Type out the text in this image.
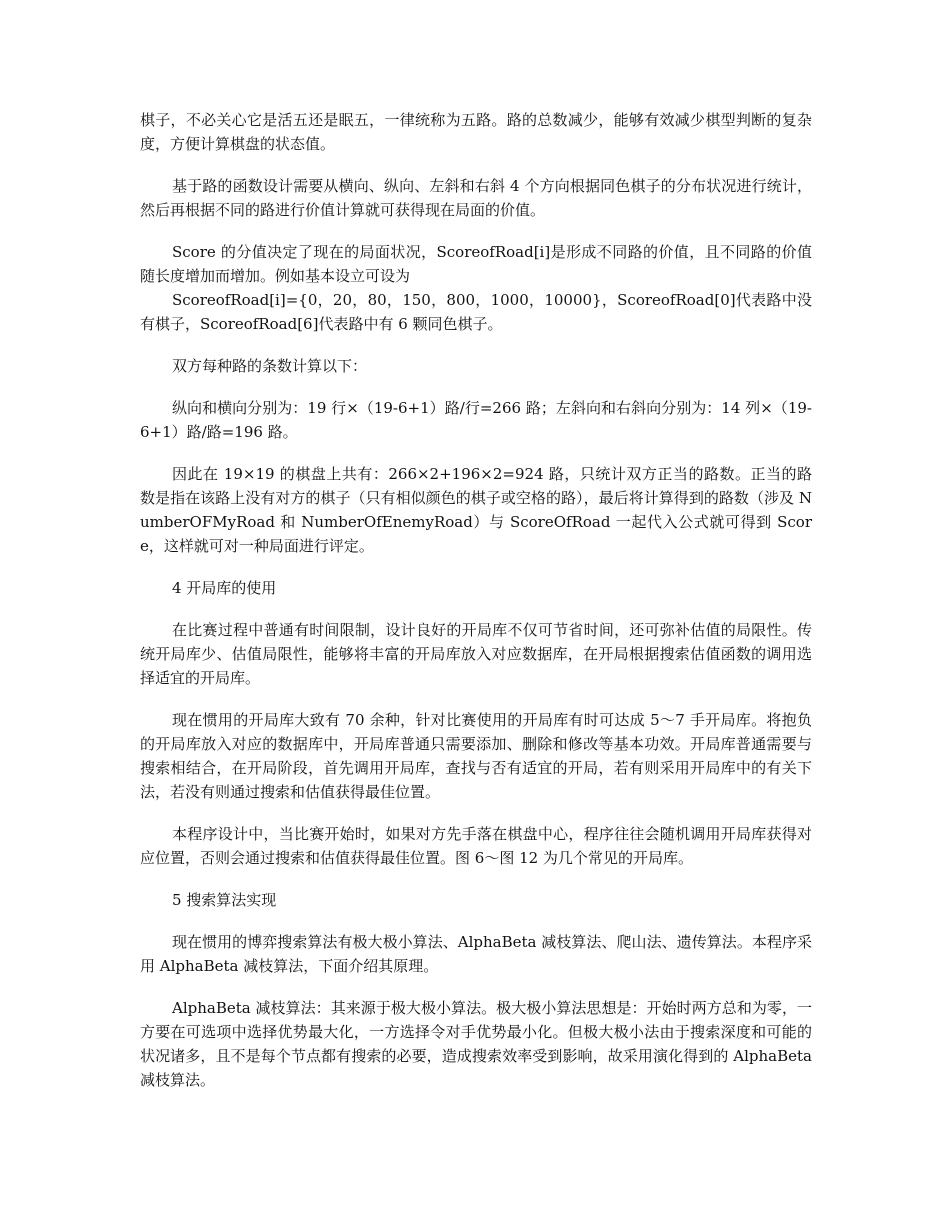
棋子，不必关心它是活五还是眠五，一律统称为五路。路的总数减少，能够有效减少棋型判断的复杂度，方便计算棋盘的状态值。

基于路的函数设计需要从横向、纵向、左斜和右斜 4 个方向根据同色棋子的分布状况进行统计，然后再根据不同的路进行价值计算就可获得现在局面的价值。

Score 的分值决定了现在的局面状况，ScoreofRoad[i]是形成不同路的价值，且不同路的价值随长度增加而增加。例如基本设立可设为
ScoreofRoad[i]={0，20，80，150，800，1000，10000}，ScoreofRoad[0]代表路中没有棋子，ScoreofRoad[6]代表路中有 6 颗同色棋子。

双方每种路的条数计算以下：

纵向和横向分别为：19 行×（19-6+1）路/行=266 路；左斜向和右斜向分别为：14 列×（19-6+1）路/路=196 路。

因此在 19×19 的棋盘上共有：266×2+196×2=924 路，只统计双方正当的路数。正当的路数是指在该路上没有对方的棋子（只有相似颜色的棋子或空格的路），最后将计算得到的路数（涉及 NumberOFMyRoad 和 NumberOfEnemyRoad）与 ScoreOfRoad 一起代入公式就可得到 Score，这样就可对一种局面进行评定。

4 开局库的使用

在比赛过程中普通有时间限制，设计良好的开局库不仅可节省时间，还可弥补估值的局限性。传统开局库少、估值局限性，能够将丰富的开局库放入对应数据库，在开局根据搜索估值函数的调用选择适宜的开局库。

现在惯用的开局库大致有 70 余种，针对比赛使用的开局库有时可达成 5～7 手开局库。将抱负的开局库放入对应的数据库中，开局库普通只需要添加、删除和修改等基本功效。开局库普通需要与搜索相结合，在开局阶段，首先调用开局库，查找与否有适宜的开局，若有则采用开局库中的有关下法，若没有则通过搜索和估值获得最佳位置。

本程序设计中，当比赛开始时，如果对方先手落在棋盘中心，程序往往会随机调用开局库获得对应位置，否则会通过搜索和估值获得最佳位置。图 6～图 12 为几个常见的开局库。

5 搜索算法实现

现在惯用的博弈搜索算法有极大极小算法、AlphaBeta 减枝算法、爬山法、遗传算法。本程序采用 AlphaBeta 减枝算法，下面介绍其原理。

AlphaBeta 减枝算法：其来源于极大极小算法。极大极小算法思想是：开始时两方总和为零，一方要在可选项中选择优势最大化，一方选择令对手优势最小化。但极大极小法由于搜索深度和可能的状况诸多，且不是每个节点都有搜索的必要，造成搜索效率受到影响，故采用演化得到的 AlphaBeta 减枝算法。
